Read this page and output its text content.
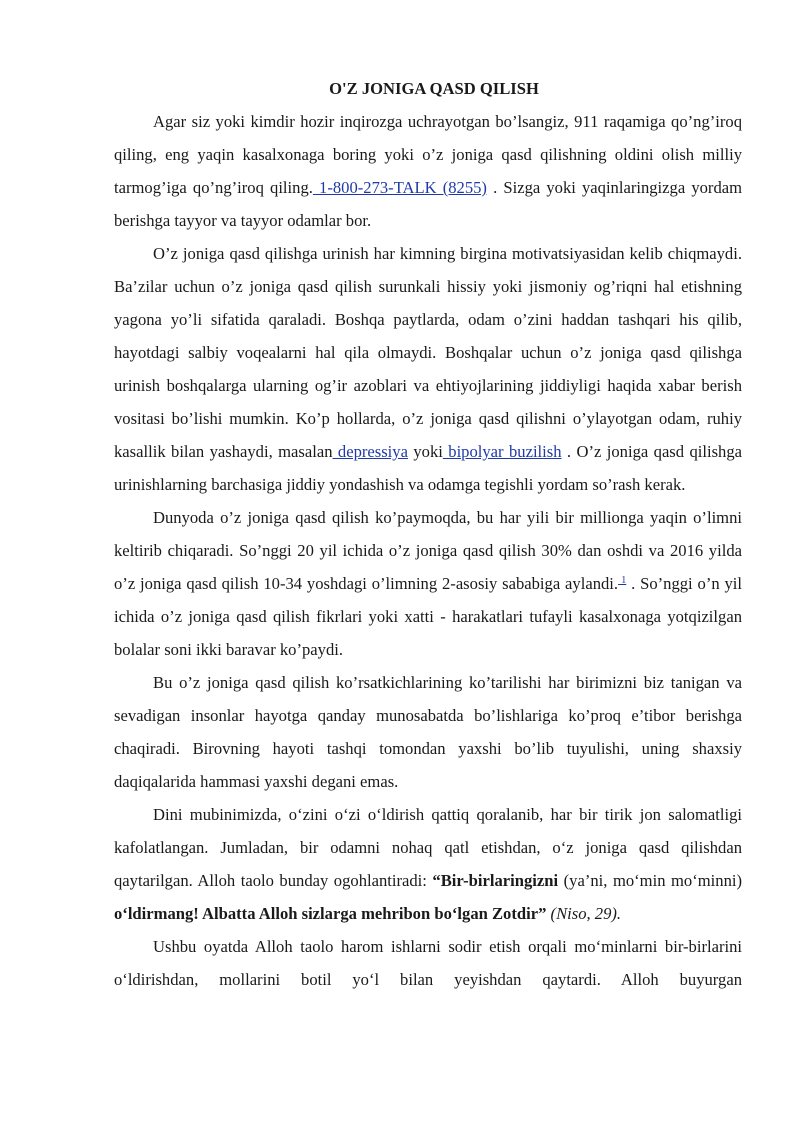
O'Z JONIGA QASD QILISH

Agar siz yoki kimdir hozir inqirozga uchrayotgan bo’lsangiz, 911 raqamiga qo’ng’iroq qiling, eng yaqin kasalxonaga boring yoki o’z joniga qasd qilishning oldini olish milliy tarmog’iga qo’ng’iroq qiling. 1-800-273-TALK (8255) . Sizga yoki yaqinlaringizga yordam berishga tayyor va tayyor odamlar bor.

O’z joniga qasd qilishga urinish har kimning birgina motivatsiyasidan kelib chiqmaydi. Ba’zilar uchun o’z joniga qasd qilish surunkali hissiy yoki jismoniy og’riqni hal etishning yagona yo’li sifatida qaraladi. Boshqa paytlarda, odam o’zini haddan tashqari his qilib, hayotdagi salbiy voqealarni hal qila olmaydi. Boshqalar uchun o’z joniga qasd qilishga urinish boshqalarga ularning og’ir azoblari va ehtiyojlarining jiddiyligi haqida xabar berish vositasi bo’lishi mumkin. Ko’p hollarda, o’z joniga qasd qilishni o’ylayotgan odam, ruhiy kasallik bilan yashaydi, masalan depressiya yoki bipolyar buzilish . O’z joniga qasd qilishga urinishlarning barchasiga jiddiy yondashish va odamga tegishli yordam so’rash kerak.

Dunyoda o’z joniga qasd qilish ko’paymoqda, bu har yili bir millionga yaqin o’limni keltirib chiqaradi. So’nggi 20 yil ichida o’z joniga qasd qilish 30% dan oshdi va 2016 yilda o’z joniga qasd qilish 10-34 yoshdagi o’limning 2-asosiy sababiga aylandi. $^1$ . So’nggi o’n yil ichida o’z joniga qasd qilish fikrlari yoki xatti - harakatlari tufayli kasalxonaga yotqizilgan bolalar soni ikki baravar ko’paydi.

Bu o’z joniga qasd qilish ko’rsatkichlarining ko’tarilishi har birimizni biz tanigan va sevadigan insonlar hayotga qanday munosabatda bo’lishlariga ko’proq e’tibor berishga chaqiradi. Birovning hayoti tashqi tomondan yaxshi bo’lib tuyulishi, uning shaxsiy daqiqalarida hammasi yaxshi degani emas.

Dini mubinimizda, o‘zini o‘zi o‘ldirish qattiq qoralanib, har bir tirik jon salomatligi kafolatlangan. Jumladan, bir odamni nohaq qatl etishdan, o‘z joniga qasd qilishdan qaytarilgan. Alloh taolo bunday ogohlantiradi: “Bir-birlaringizni (ya’ni, mo‘min mo‘minni) o‘ldirmang! Albatta Alloh sizlarga mehribon bo‘lgan Zotdir” (Niso, 29).

Ushbu oyatda Alloh taolo harom ishlarni sodir etish orqali mo‘minlarni bir-birlarini o‘ldirishdan, mollarini botil yo‘l bilan yeyishdan qaytardi. Alloh buyurgan
